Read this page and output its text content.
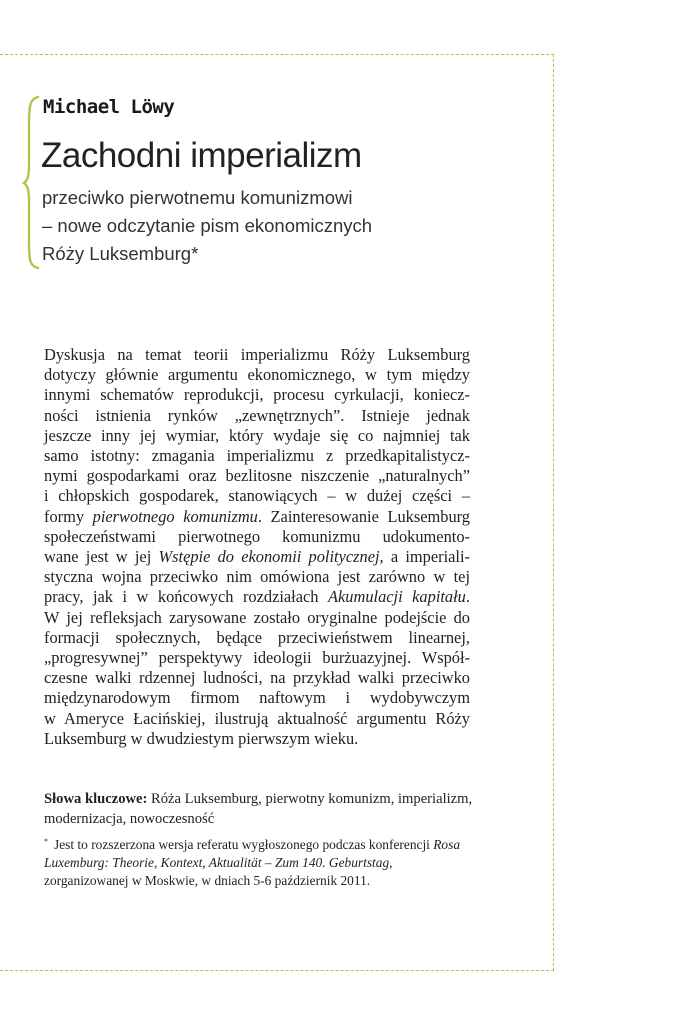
Michael Löwy
Zachodni imperializm
przeciwko pierwotnemu komunizmowi
– nowe odczytanie pism ekonomicznych
Róży Luksemburg*
Dyskusja na temat teorii imperializmu Róży Luksemburg
dotyczy głównie argumentu ekonomicznego, w tym między
innymi schematów reprodukcji, procesu cyrkulacji, koniecz-
ności istnienia rynków „zewnętrznych”. Istnieje jednak
jeszcze inny jej wymiar, który wydaje się co najmniej tak
samo istotny: zmagania imperializmu z przedkapitalistycz-
nymi gospodarkami oraz bezlitosne niszczenie „naturalnych”
i chłopskich gospodarek, stanowiących – w dużej części –
formy pierwotnego komunizmu. Zainteresowanie Luksemburg
społeczeństwami pierwotnego komunizmu udokumento-
wane jest w jej Wstępie do ekonomii politycznej, a imperiali-
styczna wojna przeciwko nim omówiona jest zarówno w tej
pracy, jak i w końcowych rozdziałach Akumulacji kapitału.
W jej refleksjach zarysowane zostało oryginalne podejście do
formacji społecznych, będące przeciwieństwem linearnej,
„progresywnej” perspektywy ideologii burżuazyjnej. Współ-
czesne walki rdzennej ludności, na przykład walki przeciwko
międzynarodowym firmom naftowym i wydobywczym
w Ameryce Łacińskiej, ilustrują aktualność argumentu Róży
Luksemburg w dwudziestym pierwszym wieku.
Słowa kluczowe: Róża Luksemburg, pierwotny komunizm, imperializm, modernizacja, nowoczesność
* Jest to rozszerzona wersja referatu wygłoszonego podczas konferencji Rosa Luxemburg: Theorie, Kontext, Aktualität – Zum 140. Geburtstag, zorganizowanej w Moskwie, w dniach 5-6 październik 2011.
